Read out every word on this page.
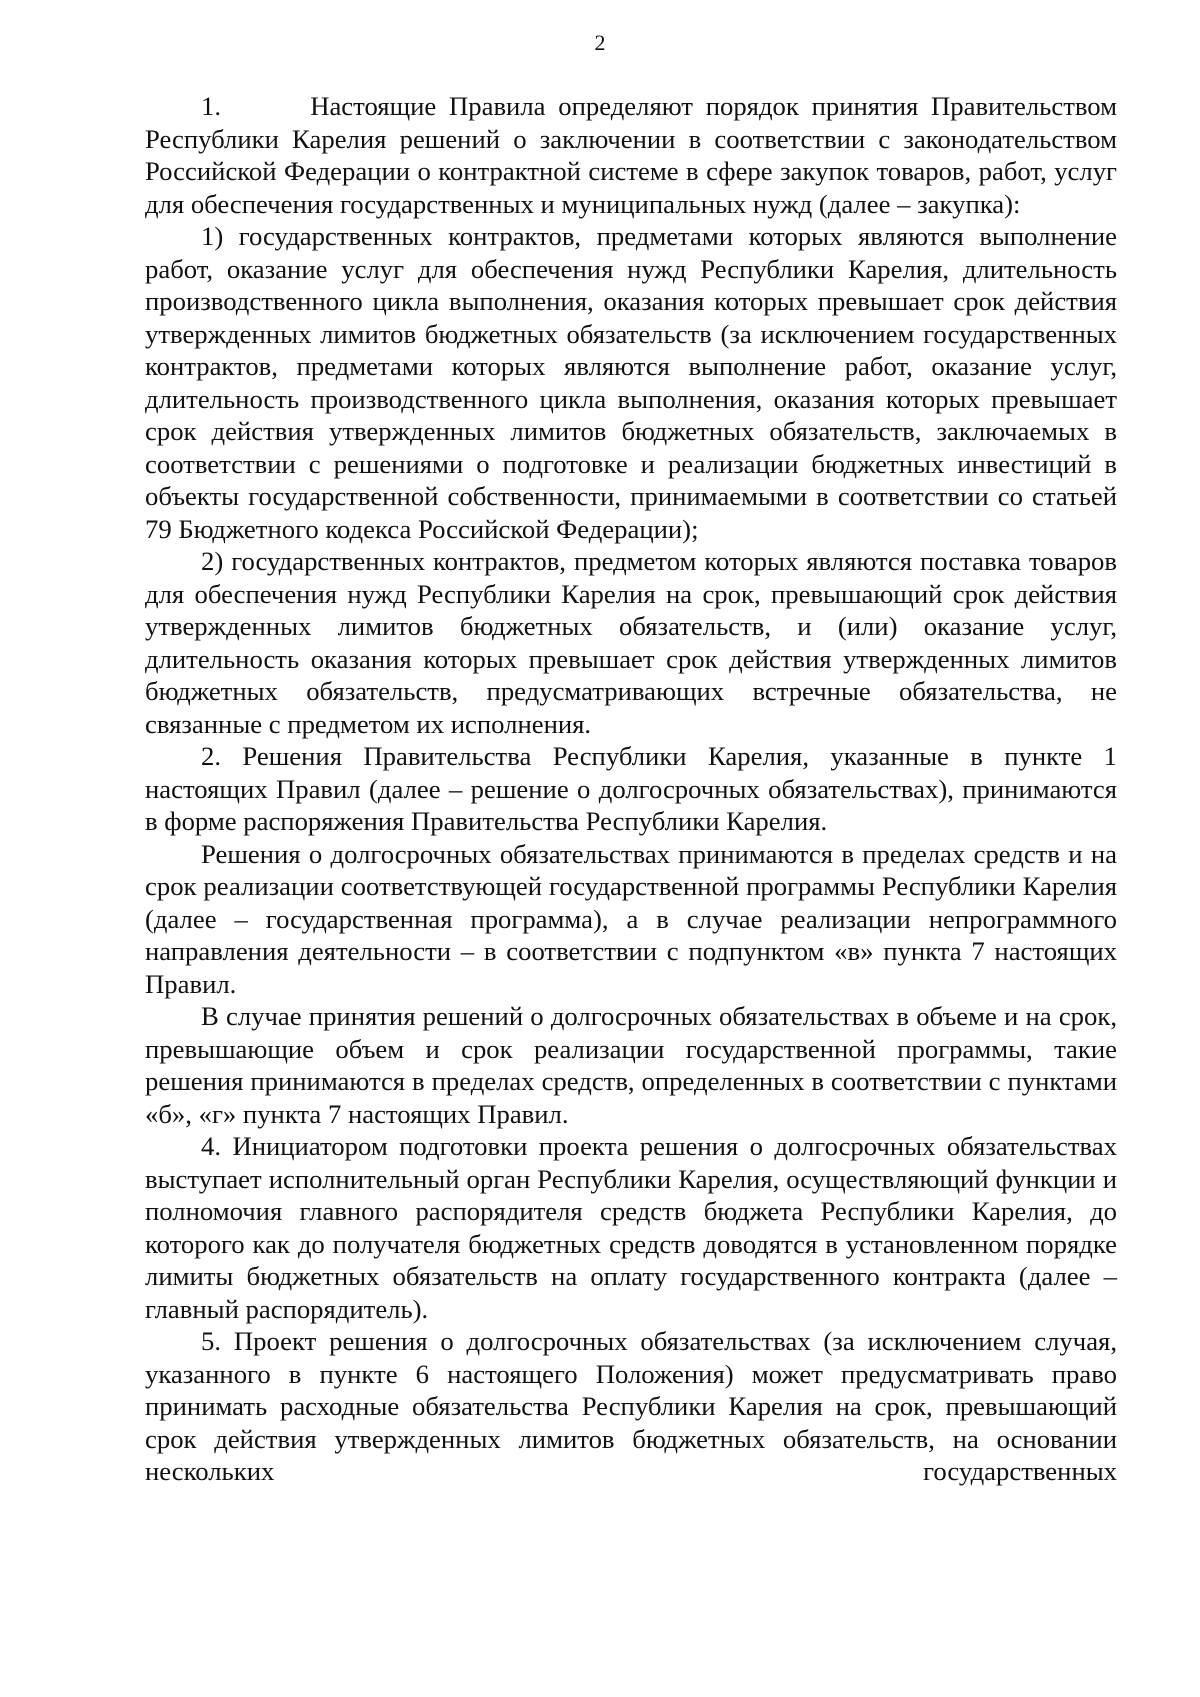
2

1.       Настоящие Правила определяют порядок принятия Правительством Республики Карелия решений о заключении в соответствии с законодательством Российской Федерации о контрактной системе в сфере закупок товаров, работ, услуг для обеспечения государственных и муниципальных нужд (далее – закупка):

1) государственных контрактов, предметами которых являются выполнение работ, оказание услуг для обеспечения нужд Республики Карелия, длительность производственного цикла выполнения, оказания которых превышает срок действия утвержденных лимитов бюджетных обязательств (за исключением государственных контрактов, предметами которых являются выполнение работ, оказание услуг, длительность производственного цикла выполнения, оказания которых превышает срок действия утвержденных лимитов бюджетных обязательств, заключаемых в соответствии с решениями о подготовке и реализации бюджетных инвестиций в объекты государственной собственности, принимаемыми в соответствии со статьей 79 Бюджетного кодекса Российской Федерации);

2) государственных контрактов, предметом которых являются поставка товаров для обеспечения нужд Республики Карелия на срок, превышающий срок действия утвержденных лимитов бюджетных обязательств, и (или) оказание услуг, длительность оказания которых превышает срок действия утвержденных лимитов бюджетных обязательств, предусматривающих встречные обязательства, не связанные с предметом их исполнения.

2. Решения Правительства Республики Карелия, указанные в пункте 1 настоящих Правил (далее – решение о долгосрочных обязательствах), принимаются в форме распоряжения Правительства Республики Карелия.

Решения о долгосрочных обязательствах принимаются в пределах средств и на срок реализации соответствующей государственной программы Республики Карелия (далее – государственная программа), а в случае реализации непрограммного направления деятельности – в соответствии с подпунктом «в» пункта 7 настоящих Правил.

В случае принятия решений о долгосрочных обязательствах в объеме и на срок, превышающие объем и срок реализации государственной программы, такие решения принимаются в пределах средств, определенных в соответствии с пунктами «б», «г» пункта 7 настоящих Правил.

4. Инициатором подготовки проекта решения о долгосрочных обязательствах выступает исполнительный орган Республики Карелия, осуществляющий функции и полномочия главного распорядителя средств бюджета Республики Карелия, до которого как до получателя бюджетных средств доводятся в установленном порядке лимиты бюджетных обязательств на оплату государственного контракта (далее – главный распорядитель).

5. Проект решения о долгосрочных обязательствах (за исключением случая, указанного в пункте 6 настоящего Положения) может предусматривать право принимать расходные обязательства Республики Карелия на срок, превышающий срок действия утвержденных лимитов бюджетных обязательств, на основании нескольких государственных
